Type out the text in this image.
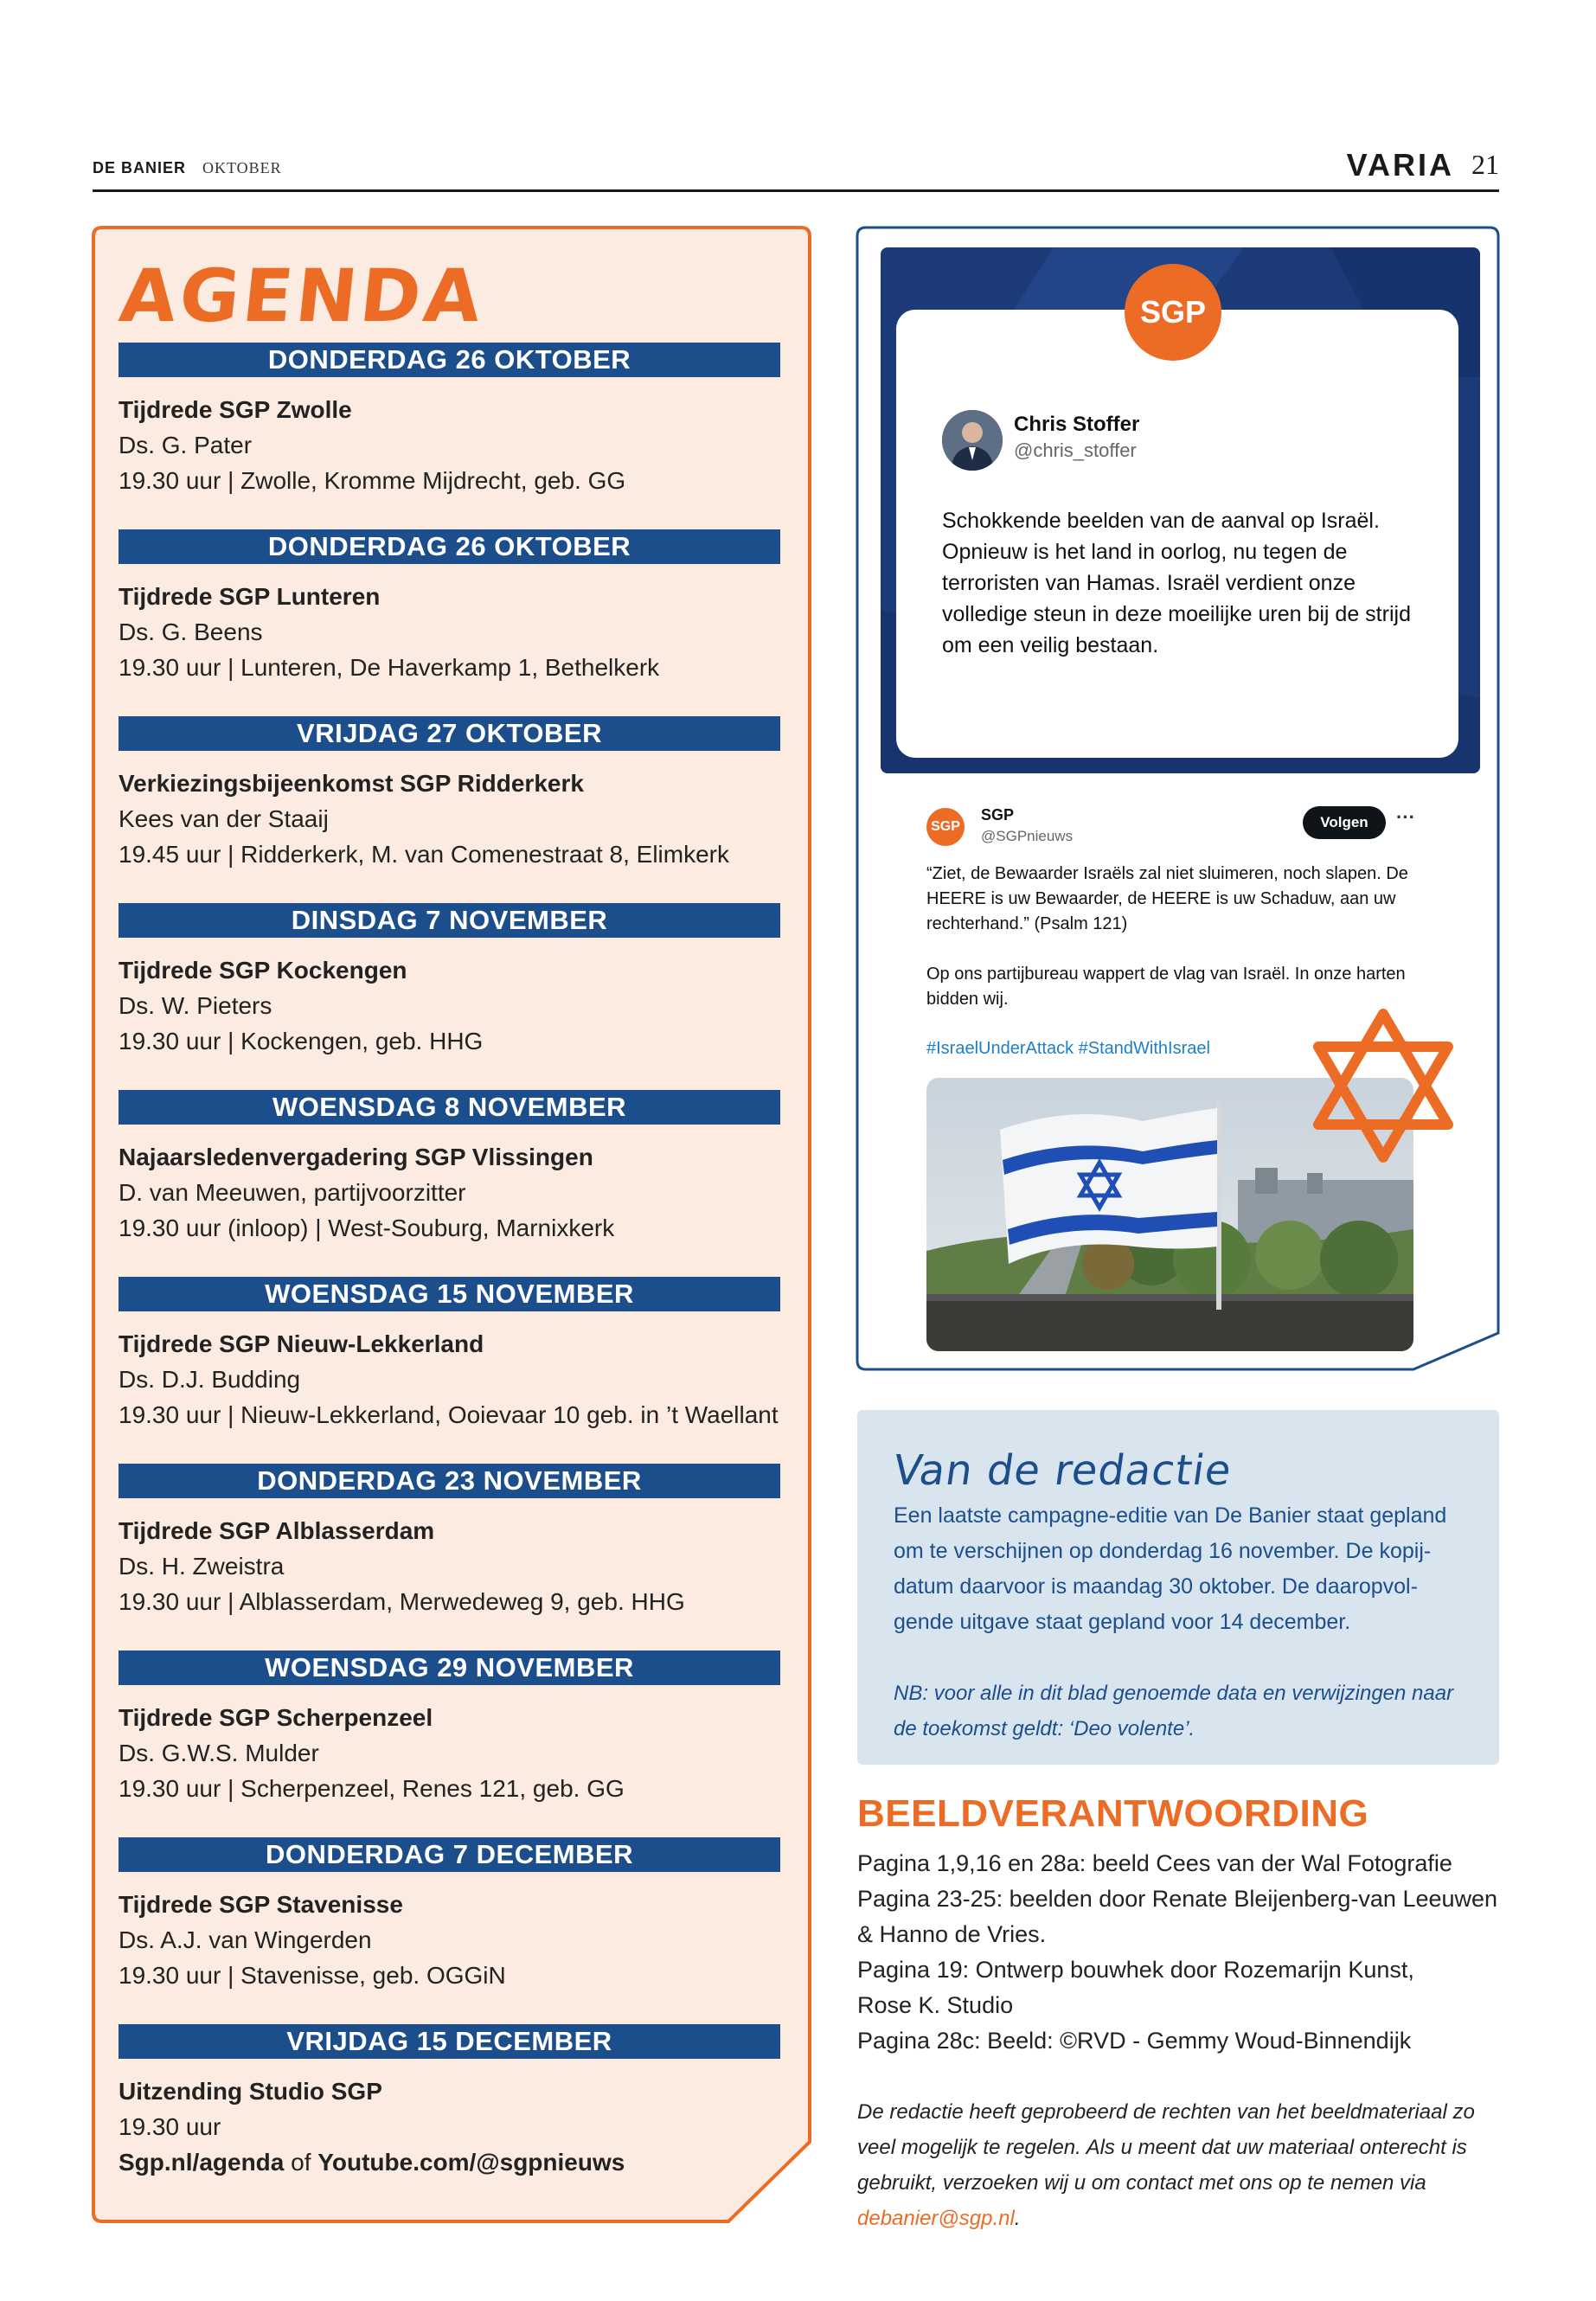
DE BANIER OKTOBER	VARIA 21
AGENDA
DONDERDAG 26 OKTOBER
Tijdrede SGP Zwolle
Ds. G. Pater
19.30 uur | Zwolle, Kromme Mijdrecht, geb. GG
DONDERDAG 26 OKTOBER
Tijdrede SGP Lunteren
Ds. G. Beens
19.30 uur | Lunteren, De Haverkamp 1, Bethelkerk
VRIJDAG 27 OKTOBER
Verkiezingsbijeenkomst SGP Ridderkerk
Kees van der Staaij
19.45 uur | Ridderkerk, M. van Comenestraat 8, Elimkerk
DINSDAG 7 NOVEMBER
Tijdrede SGP Kockengen
Ds. W. Pieters
19.30 uur | Kockengen, geb. HHG
WOENSDAG 8 NOVEMBER
Najaarsledenvergadering SGP Vlissingen
D. van Meeuwen, partijvoorzitter
19.30 uur (inloop) | West-Souburg, Marnixkerk
WOENSDAG 15 NOVEMBER
Tijdrede SGP Nieuw-Lekkerland
Ds. D.J. Budding
19.30 uur | Nieuw-Lekkerland, Ooievaar 10 geb. in ’t Waellant
DONDERDAG 23 NOVEMBER
Tijdrede SGP Alblasserdam
Ds. H. Zweistra
19.30 uur | Alblasserdam, Merwedeweg 9, geb. HHG
WOENSDAG 29 NOVEMBER
Tijdrede SGP Scherpenzeel
Ds. G.W.S. Mulder
19.30 uur | Scherpenzeel, Renes 121, geb. GG
DONDERDAG 7 DECEMBER
Tijdrede SGP Stavenisse
Ds. A.J. van Wingerden
19.30 uur | Stavenisse, geb. OGGiN
VRIJDAG 15 DECEMBER
Uitzending Studio SGP
19.30 uur
Sgp.nl/agenda of Youtube.com/@sgpnieuws
SGP
Chris Stoffer
@chris_stoffer
Schokkende beelden van de aanval op Israël. Opnieuw is het land in oorlog, nu tegen de terroristen van Hamas. Israël verdient onze volledige steun in deze moeilijke uren bij de strijd om een veilig bestaan.
SGP
SGP
@SGPnieuws
Volgen	···
“Ziet, de Bewaarder Israëls zal niet sluimeren, noch slapen. De HEERE is uw Bewaarder, de HEERE is uw Schaduw, aan uw rechterhand.” (Psalm 121)
Op ons partijbureau wappert de vlag van Israël. In onze harten bidden wij.
#IsraelUnderAttack #StandWithIsrael
Van de redactie
Een laatste campagne-editie van De Banier staat gepland om te verschijnen op donderdag 16 november. De kopij-datum daarvoor is maandag 30 oktober. De daaropvol-gende uitgave staat gepland voor 14 december.
NB: voor alle in dit blad genoemde data en verwijzingen naar de toekomst geldt: ‘Deo volente’.
BEELDVERANTWOORDING
Pagina 1,9,16 en 28a: beeld Cees van der Wal Fotografie
Pagina 23-25: beelden door Renate Bleijenberg-van Leeuwen
& Hanno de Vries.
Pagina 19: Ontwerp bouwhek door Rozemarijn Kunst,
Rose K. Studio
Pagina 28c: Beeld: ©RVD - Gemmy Woud-Binnendijk
De redactie heeft geprobeerd de rechten van het beeldmateriaal zo veel mogelijk te regelen. Als u meent dat uw materiaal onterecht is gebruikt, verzoeken wij u om contact met ons op te nemen via debanier@sgp.nl.
